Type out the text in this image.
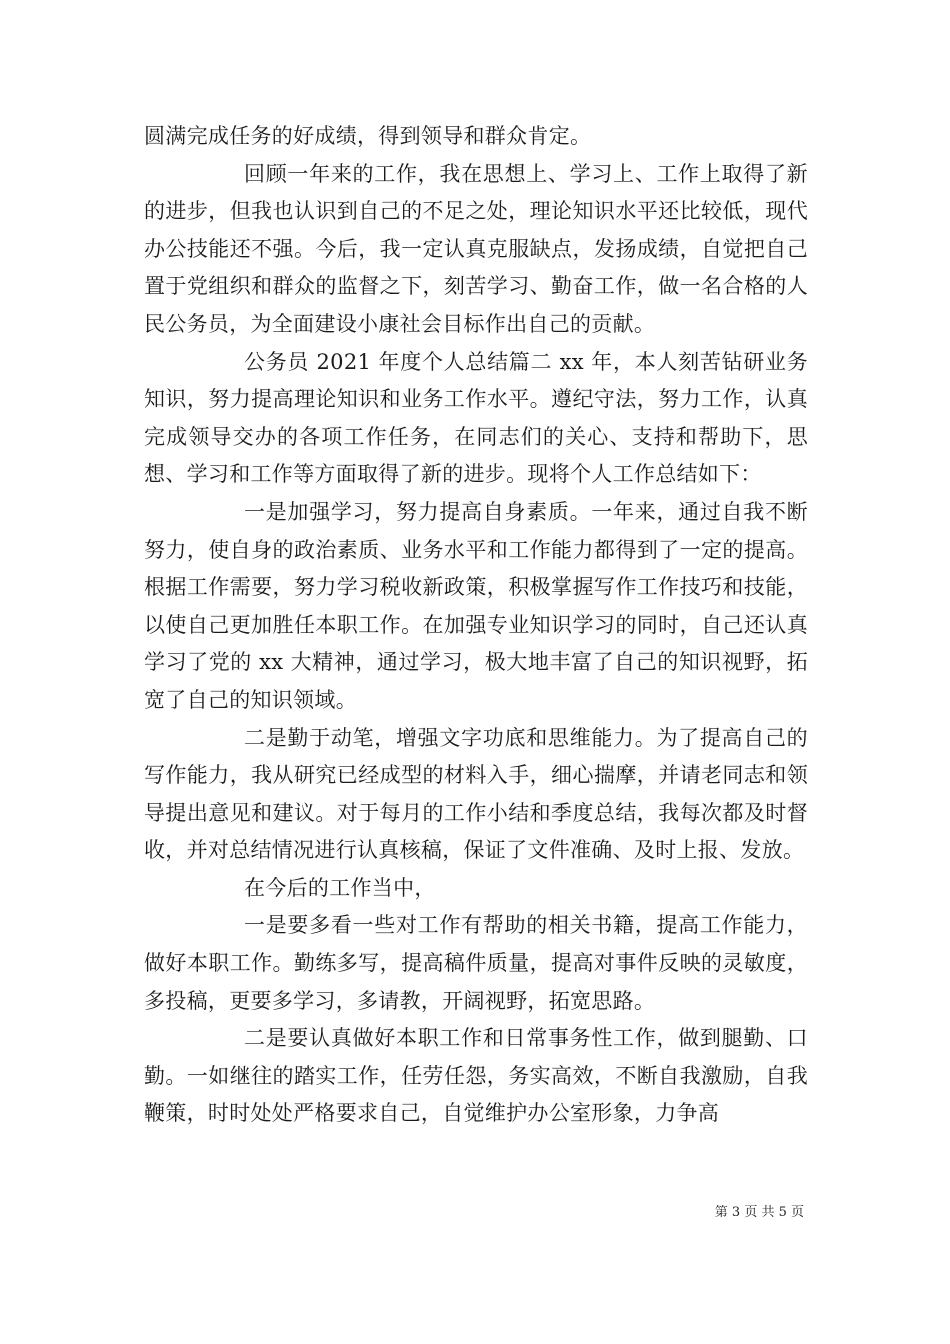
圆满完成任务的好成绩，得到领导和群众肯定。

回顾一年来的工作，我在思想上、学习上、工作上取得了新的进步，但我也认识到自己的不足之处，理论知识水平还比较低，现代办公技能还不强。今后，我一定认真克服缺点，发扬成绩，自觉把自己置于党组织和群众的监督之下，刻苦学习、勤奋工作，做一名合格的人民公务员，为全面建设小康社会目标作出自己的贡献。

公务员 2021 年度个人总结篇二 xx 年，本人刻苦钻研业务知识，努力提高理论知识和业务工作水平。遵纪守法，努力工作，认真完成领导交办的各项工作任务，在同志们的关心、支持和帮助下，思想、学习和工作等方面取得了新的进步。现将个人工作总结如下：

一是加强学习，努力提高自身素质。一年来，通过自我不断努力，使自身的政治素质、业务水平和工作能力都得到了一定的提高。根据工作需要，努力学习税收新政策，积极掌握写作工作技巧和技能，以使自己更加胜任本职工作。在加强专业知识学习的同时，自己还认真学习了党的 xx 大精神，通过学习，极大地丰富了自己的知识视野，拓宽了自己的知识领域。

二是勤于动笔，增强文字功底和思维能力。为了提高自己的写作能力，我从研究已经成型的材料入手，细心揣摩，并请老同志和领导提出意见和建议。对于每月的工作小结和季度总结，我每次都及时督收，并对总结情况进行认真核稿，保证了文件准确、及时上报、发放。

在今后的工作当中，

一是要多看一些对工作有帮助的相关书籍，提高工作能力，做好本职工作。勤练多写，提高稿件质量，提高对事件反映的灵敏度，多投稿，更要多学习，多请教，开阔视野，拓宽思路。

二是要认真做好本职工作和日常事务性工作，做到腿勤、口勤。一如继往的踏实工作，任劳任怨，务实高效，不断自我激励，自我鞭策，时时处处严格要求自己，自觉维护办公室形象，力争高

第 3 页 共 5 页
